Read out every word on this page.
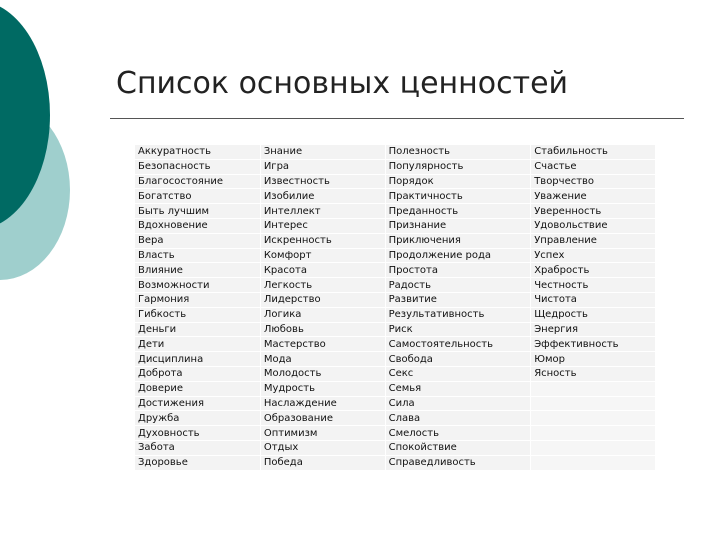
Список основных ценностей
Аккуратность	Знание	Полезность	Стабильность
Безопасность	Игра	Популярность	Счастье
Благосостояние	Известность	Порядок	Творчество
Богатство	Изобилие	Практичность	Уважение
Быть лучшим	Интеллект	Преданность	Уверенность
Вдохновение	Интерес	Признание	Удовольствие
Вера	Искренность	Приключения	Управление
Власть	Комфорт	Продолжение рода	Успех
Влияние	Красота	Простота	Храбрость
Возможности	Легкость	Радость	Честность
Гармония	Лидерство	Развитие	Чистота
Гибкость	Логика	Результативность	Щедрость
Деньги	Любовь	Риск	Энергия
Дети	Мастерство	Самостоятельность	Эффективность
Дисциплина	Мода	Свобода	Юмор
Доброта	Молодость	Секс	Ясность
Доверие	Мудрость	Семья	
Достижения	Наслаждение	Сила	
Дружба	Образование	Слава	
Духовность	Оптимизм	Смелость	
Забота	Отдых	Спокойствие	
Здоровье	Победа	Справедливость	
